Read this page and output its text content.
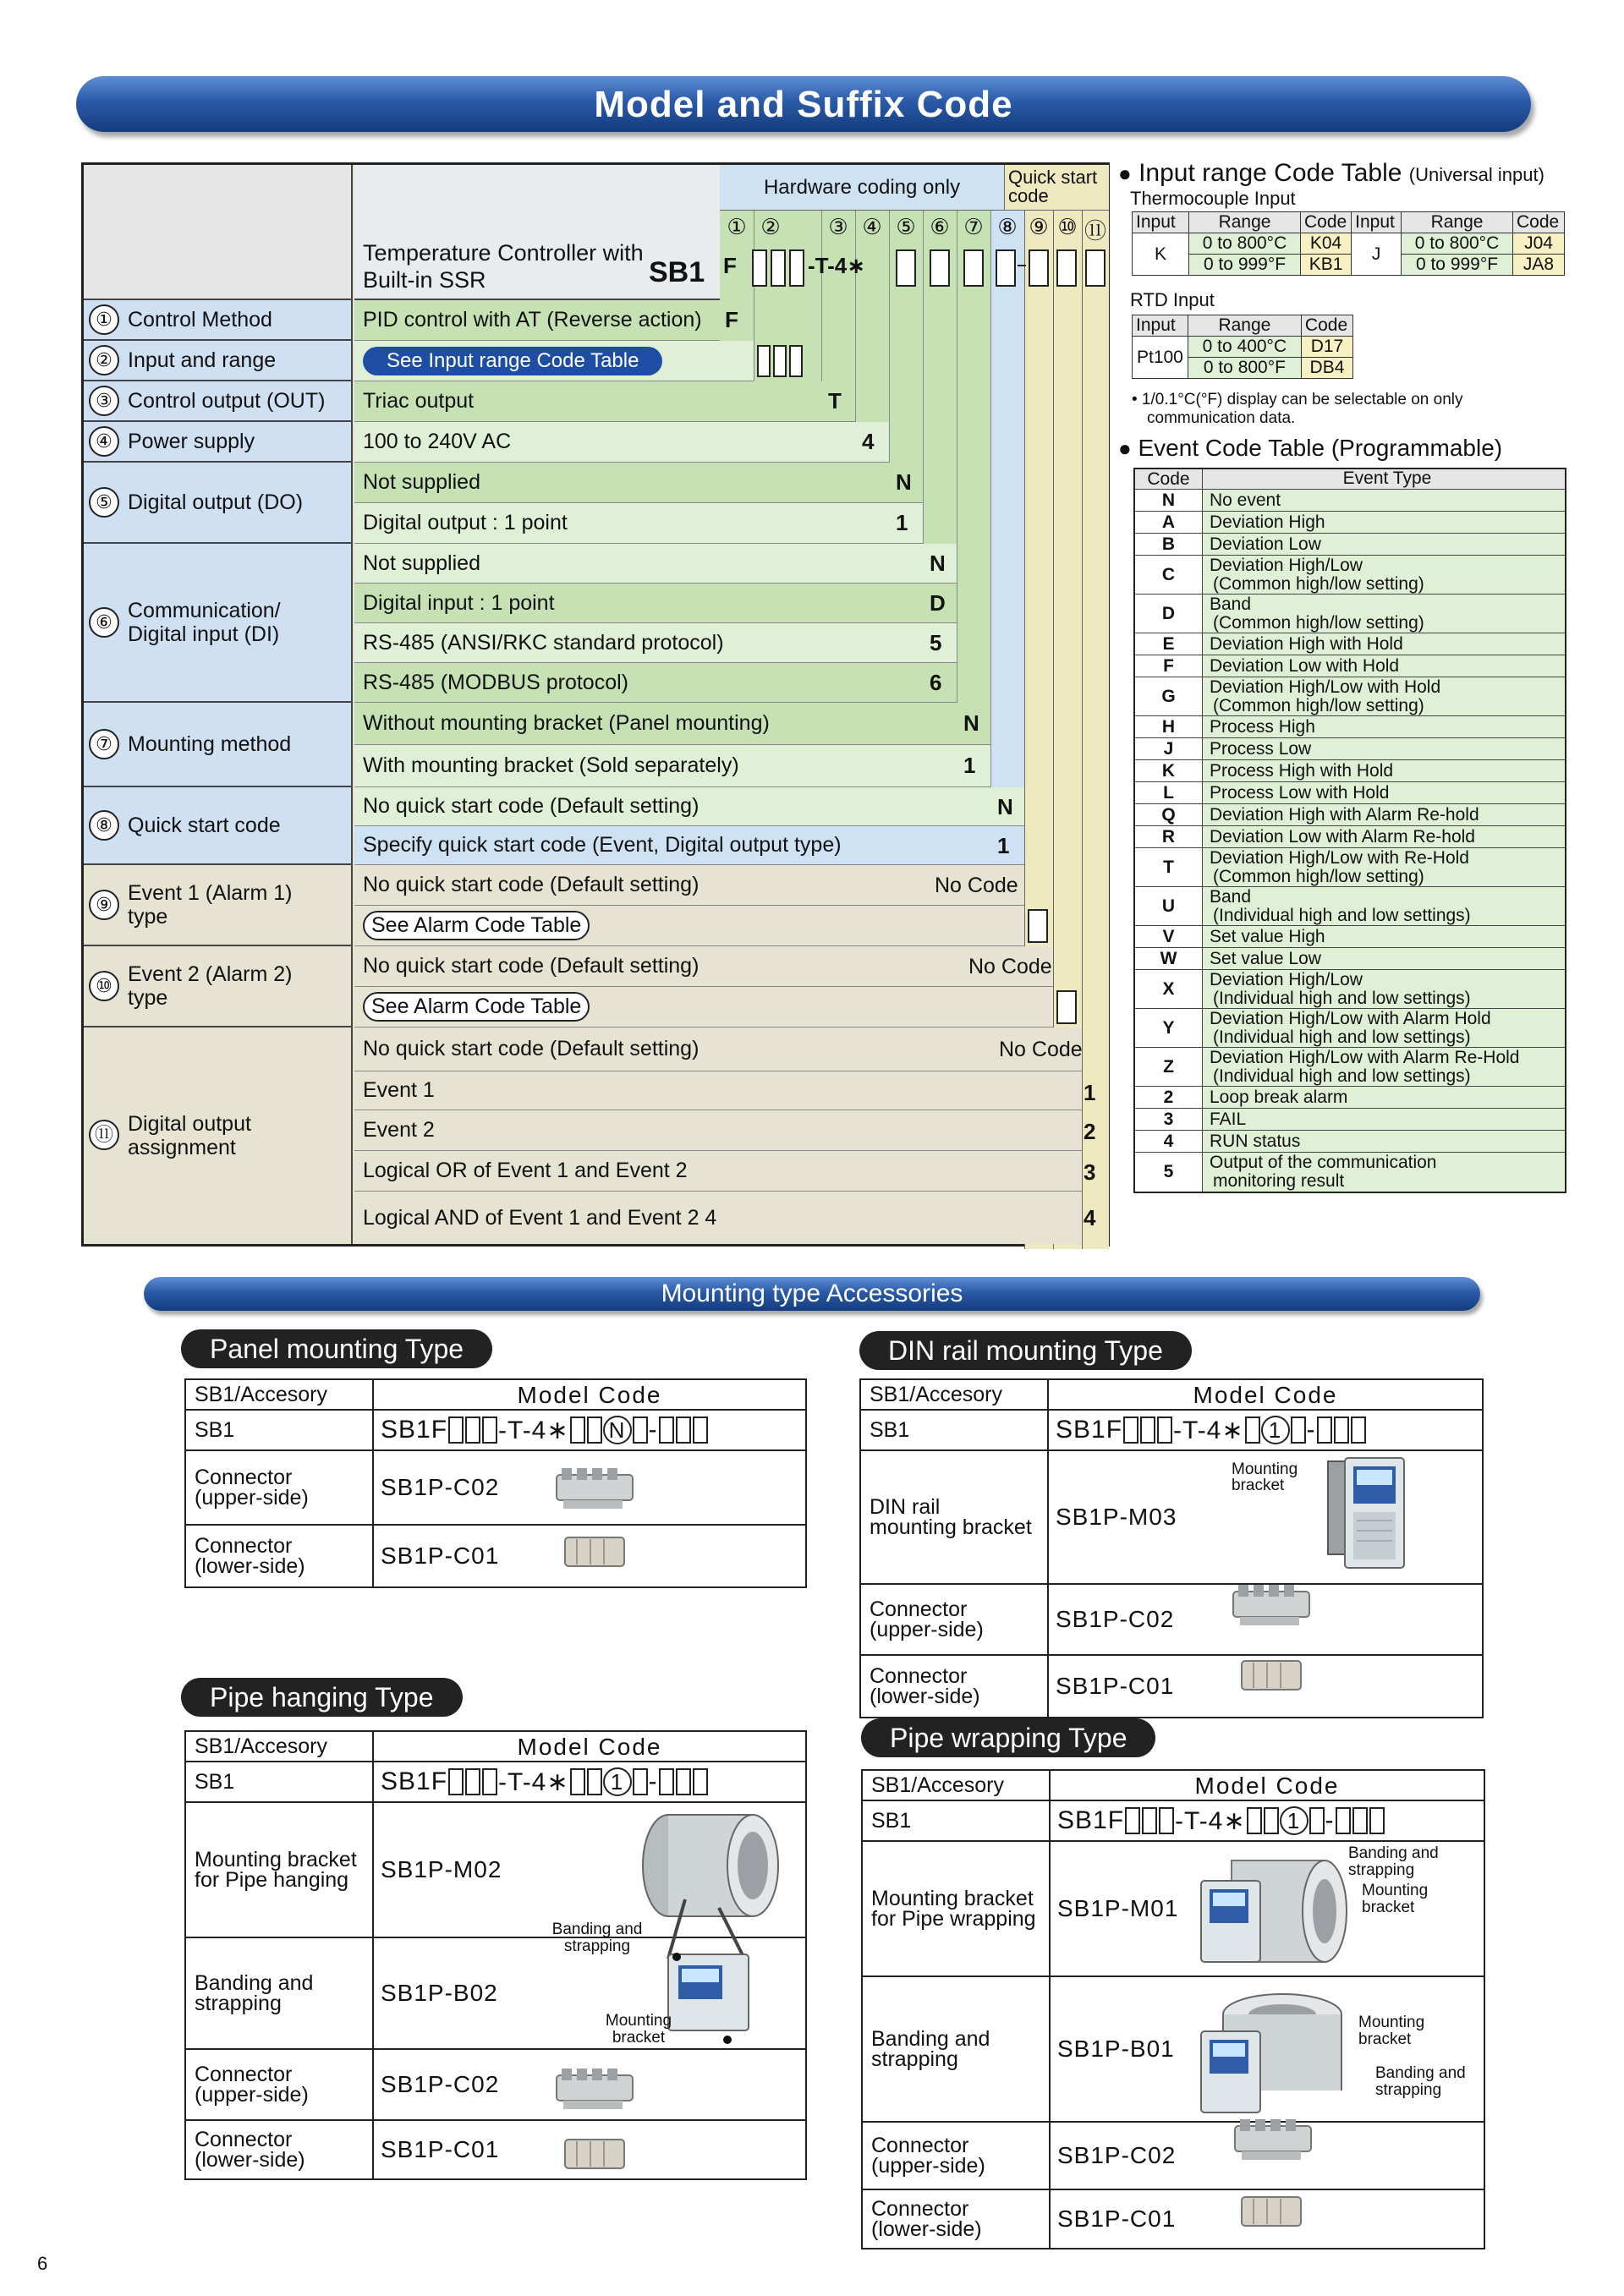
Model and Suffix Code
Temperature Controller with
Built-in SSR	SB1
Hardware coding only	Quick start code
① ②	③ ④ ⑤ ⑥ ⑦ ⑧ ⑨ ⑩ ⑪
F	-T-4∗
① Control Method	PID control with AT (Reverse action) F
② Input and range	See Input range Code Table
③ Control output (OUT) Triac output	T
④ Power supply	100 to 240V AC	4
⑤ Digital output (DO)
Not supplied	N
Digital output : 1 point	1
⑥ Communication/ Digital input (DI)
Not supplied	N
Digital input : 1 point	D
RS-485 (ANSI/RKC standard protocol)	5
RS-485 (MODBUS protocol)	6
⑦ Mounting method
Without mounting bracket (Panel mounting)	N
With mounting bracket (Sold separately)	1
⑧ Quick start code
No quick start code (Default setting)	N
Specify quick start code (Event, Digital output type)	1
⑨ Event 1 (Alarm 1) type
No quick start code (Default setting)	No Code
See Alarm Code Table
⑩ Event 2 (Alarm 2) type
No quick start code (Default setting)	No Code
See Alarm Code Table
⑪ Digital output assignment
No quick start code (Default setting)	No Code
Event 1	1
Event 2	2
Logical OR of Event 1 and Event 2	3
Logical AND of Event 1 and Event 2 4	4
● Input range Code Table (Universal input)
Thermocouple Input
Input	Range	Code	Input	Range	Code
K	0 to 800°C	K04	J	0 to 800°C	J04
	0 to 999°F	KB1		0 to 999°F	JA8
RTD Input
Input	Range	Code
Pt100	0 to 400°C	D17
	0 to 800°F	DB4
• 1/0.1°C(°F) display can be selectable on only
communication data.
● Event Code Table (Programmable)
Code	Event Type
N	No event
A	Deviation High
B	Deviation Low
C	Deviation High/Low
(Common high/low setting)
D	Band
(Common high/low setting)
E	Deviation High with Hold
F	Deviation Low with Hold
G	Deviation High/Low with Hold
(Common high/low setting)
H	Process High
J	Process Low
K	Process High with Hold
L	Process Low with Hold
Q	Deviation High with Alarm Re-hold
R	Deviation Low with Alarm Re-hold
T	Deviation High/Low with Re-Hold
(Common high/low setting)
U	Band
(Individual high and low settings)
V	Set value High
W	Set value Low
X	Deviation High/Low
(Individual high and low settings)
Y	Deviation High/Low with Alarm Hold
(Individual high and low settings)
Z	Deviation High/Low with Alarm Re-Hold
(Individual high and low settings)
2	Loop break alarm
3	FAIL
4	RUN status
5	Output of the communication
monitoring result
Mounting type Accessories
Panel mounting Type
SB1/Accesory	Model Code
SB1	SB1F -T-4∗ N -
Connector
(upper-side)	SB1P-C02
Connector
(lower-side)	SB1P-C01
DIN rail mounting Type
SB1/Accesory	Model Code
SB1	SB1F -T-4∗	1 -
DIN rail
mounting bracket SB1P-M03
Connector
(upper-side)	SB1P-C02
Connector
(lower-side)	SB1P-C01
Mounting bracket
Pipe hanging Type
SB1/Accesory	Model Code
SB1	SB1F -T-4∗	1 -
Mounting bracket
for Pipe hanging	SB1P-M02
Banding and
strapping	SB1P-B02
Connector
(upper-side)	SB1P-C02
Connector
(lower-side)	SB1P-C01
Banding and strapping
Mounting bracket
Pipe wrapping Type
SB1/Accesory	Model Code
SB1	SB1F -T-4∗	1 -
Mounting bracket
for Pipe wrapping SB1P-M01
Banding and
strapping	SB1P-B01
Connector
(upper-side)	SB1P-C02
Connector
(lower-side)	SB1P-C01
Banding and strapping
Mounting bracket
Mounting bracket
Banding and strapping
6
